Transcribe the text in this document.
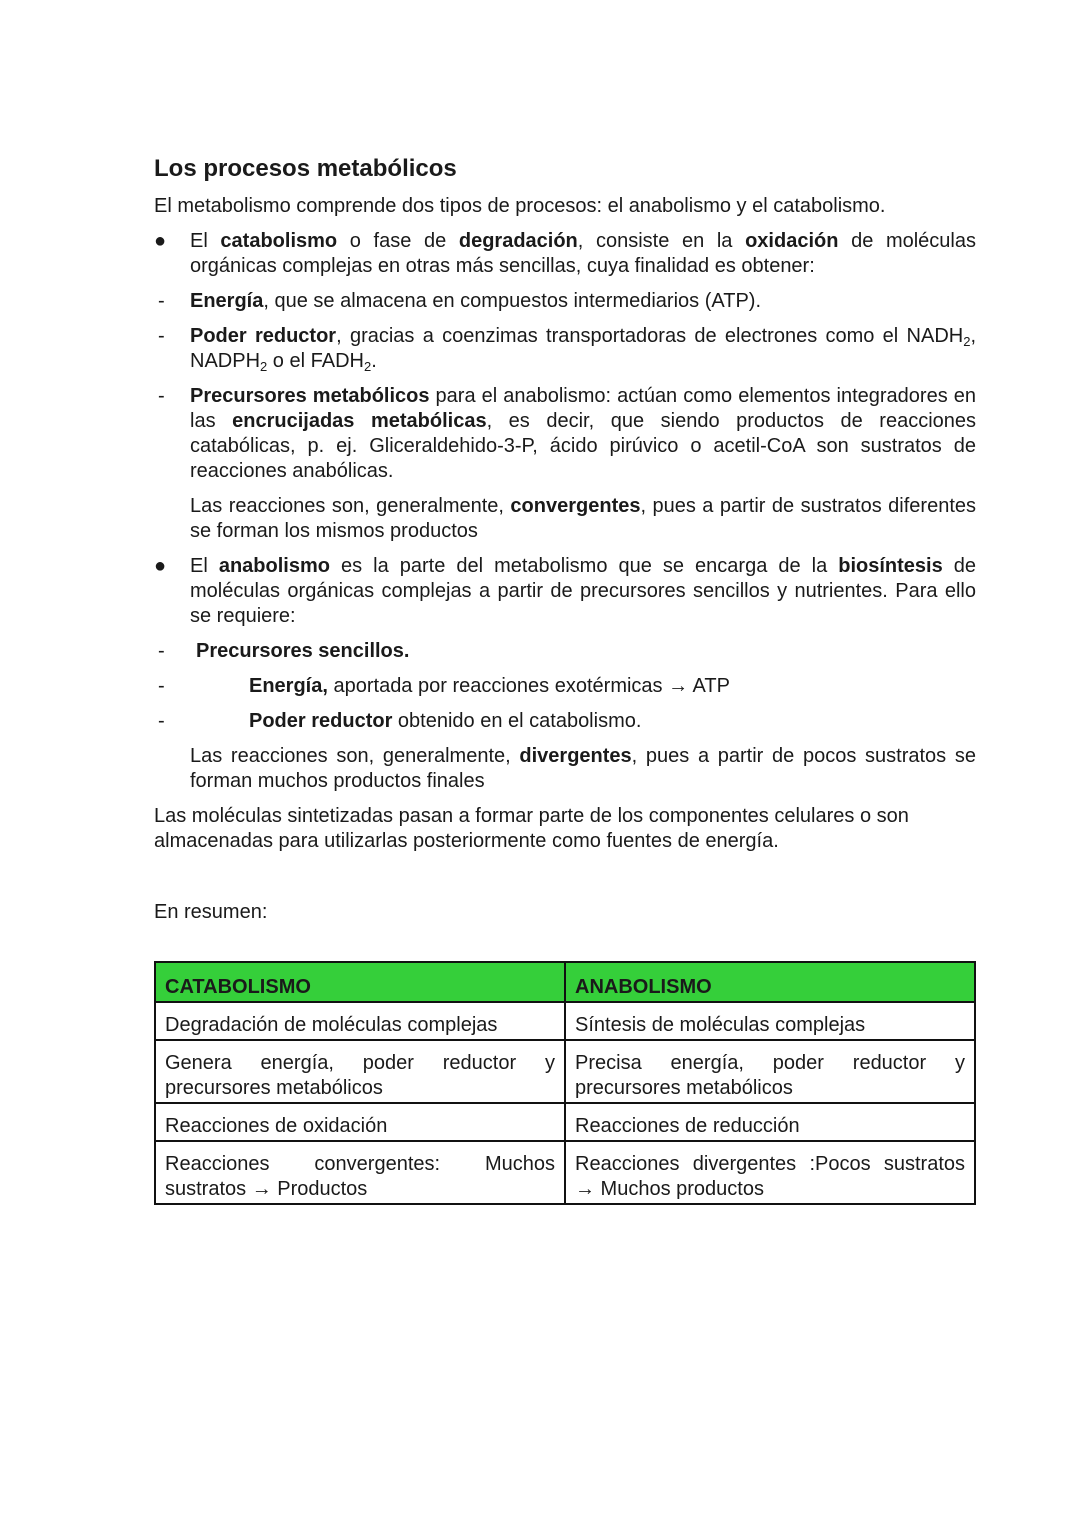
Los procesos metabólicos

El metabolismo comprende dos tipos de procesos: el anabolismo y el catabolismo.

● El catabolismo o fase de degradación, consiste en la oxidación de moléculas orgánicas complejas en otras más sencillas, cuya finalidad es obtener:

- Energía, que se almacena en compuestos intermediarios (ATP).
- Poder reductor, gracias a coenzimas transportadoras de electrones como el $NADH_2$, $NADPH_2$ o el $FADH_2$.
- Precursores metabólicos para el anabolismo: actúan como elementos integradores en las encrucijadas metabólicas, es decir, que siendo productos de reacciones catabólicas, p. ej. Gliceraldehido-3-P, ácido pirúvico o acetil-CoA son sustratos de reacciones anabólicas.

Las reacciones son, generalmente, convergentes, pues a partir de sustratos diferentes se forman los mismos productos

● El anabolismo es la parte del metabolismo que se encarga de la biosíntesis de moléculas orgánicas complejas a partir de precursores sencillos y nutrientes. Para ello se requiere:

- Precursores sencillos.
-	Energía, aportada por reacciones exotérmicas → ATP
-	Poder reductor obtenido en el catabolismo.

Las reacciones son, generalmente, divergentes, pues a partir de pocos sustratos se forman muchos productos finales

Las moléculas sintetizadas pasan a formar parte de los componentes celulares o son almacenadas para utilizarlas posteriormente como fuentes de energía.

En resumen:

CATABOLISMO	ANABOLISMO
Degradación de moléculas complejas	Síntesis de moléculas complejas
Genera energía, poder reductor y precursores metabólicos	Precisa energía, poder reductor y precursores metabólicos
Reacciones de oxidación	Reacciones de reducción
Reacciones convergentes: Muchos sustratos → Productos	Reacciones divergentes :Pocos sustratos → Muchos productos
